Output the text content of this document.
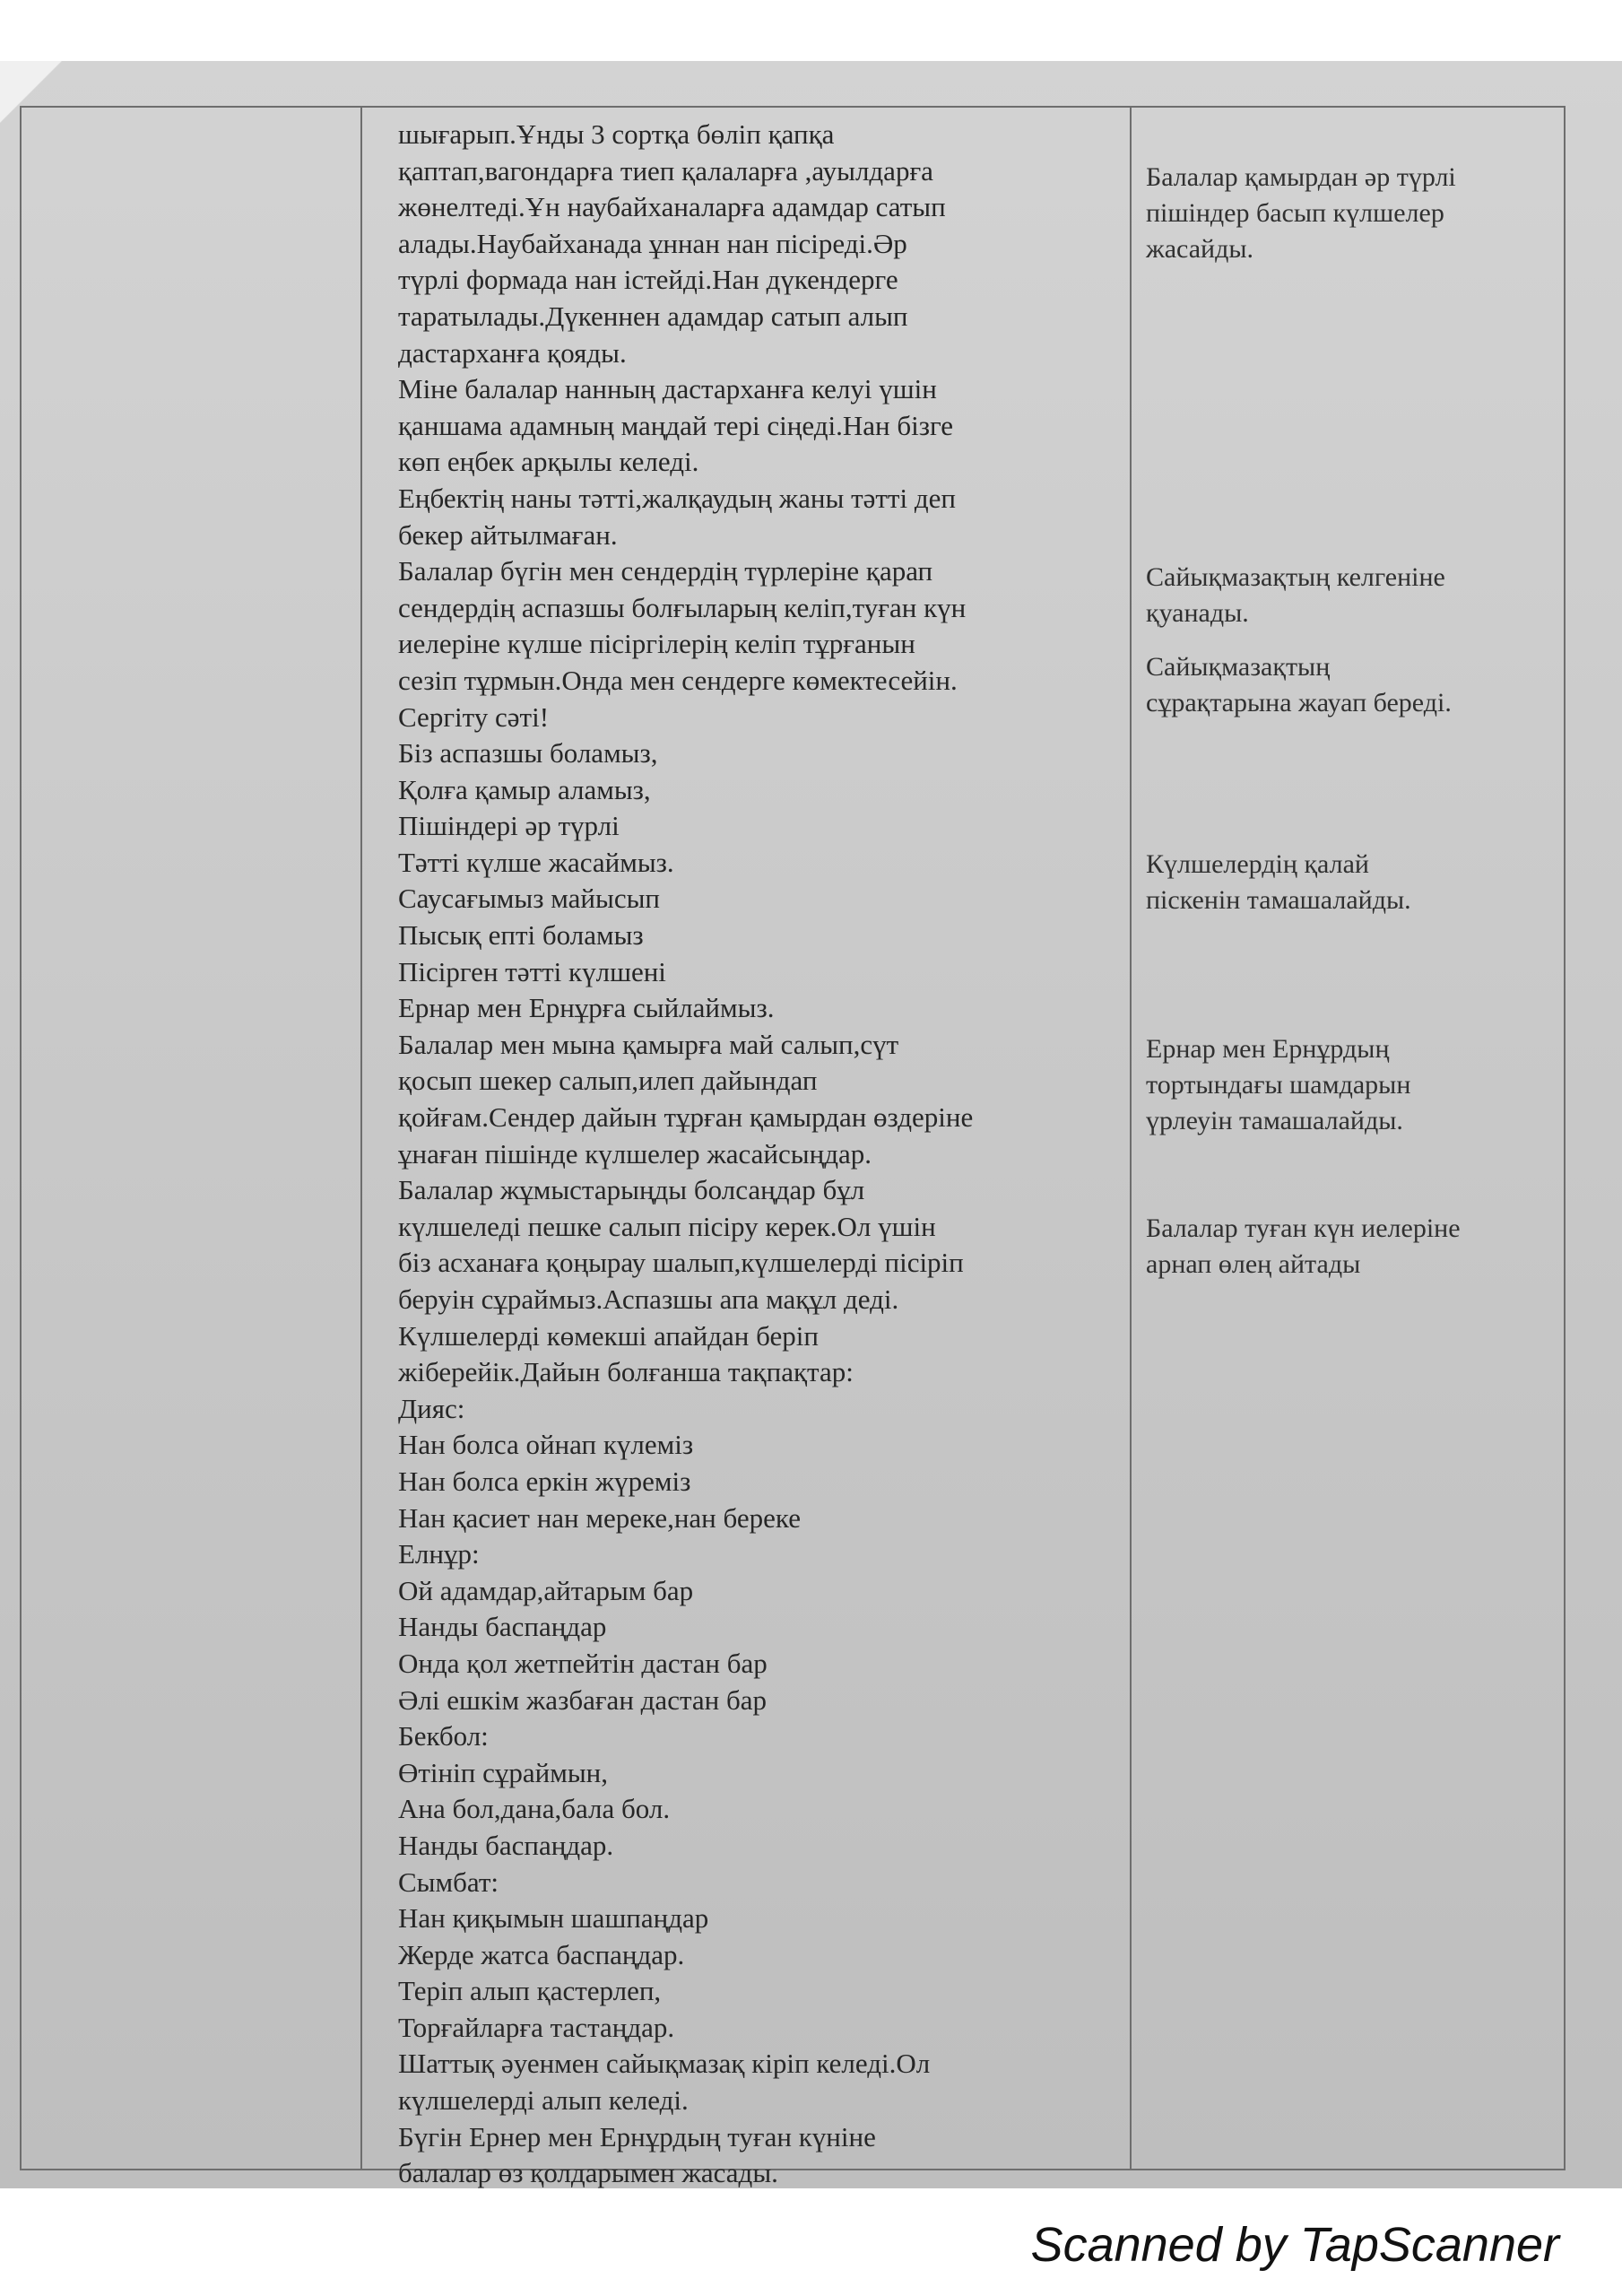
шығарып.Ұнды 3 сортқа бөліп қапқа
қаптап,вагондарға тиеп қалаларға ,ауылдарға
жөнелтеді.Ұн наубайханаларға адамдар сатып
алады.Наубайханада ұннан нан пісіреді.Әр
түрлі формада нан істейді.Нан дүкендерге
таратылады.Дүкеннен адамдар сатып алып
дастарханға қояды.
Міне балалар нанның дастарханға келуі үшін
қаншама адамның маңдай тері сіңеді.Нан бізге
көп еңбек арқылы келеді.
Еңбектің наны тәтті,жалқаудың жаны тәтті деп
бекер айтылмаған.
Балалар бүгін мен сендердің түрлеріне қарап
сендердің аспазшы болғыларың келіп,туған күн
иелеріне күлше пісіргілерің келіп тұрғанын
сезіп тұрмын.Онда мен сендерге көмектесейін.
Сергіту сәті!
Біз аспазшы боламыз,
Қолға қамыр аламыз,
Пішіндері әр түрлі
Тәтті күлше жасаймыз.
Саусағымыз майысып
Пысық епті боламыз
Пісірген тәтті күлшені
Ернар мен Ернұрға сыйлаймыз.
Балалар мен мына қамырға май салып,сүт
қосып шекер салып,илеп дайындап
қойғам.Сендер дайын тұрған қамырдан өздеріне
ұнаған пішінде күлшелер жасайсыңдар.
Балалар жұмыстарыңды болсаңдар бұл
күлшеледі пешке салып пісіру керек.Ол үшін
біз асханаға қоңырау шалып,күлшелерді пісіріп
беруін сұраймыз.Аспазшы апа мақұл деді.
Күлшелерді көмекші апайдан беріп
жіберейік.Дайын болғанша тақпақтар:
Дияс:
Нан болса ойнап күлеміз
Нан болса еркін жүреміз
Нан қасиет нан мереке,нан береке
Елнұр:
Ой адамдар,айтарым бар
Нанды баспаңдар
Онда қол жетпейтін дастан бар
Әлі ешкім жазбаған дастан бар
Бекбол:
Өтініп сұраймын,
Ана бол,дана,бала бол.
Нанды баспаңдар.
Сымбат:
Нан қиқымын шашпаңдар
Жерде жатса баспаңдар.
Теріп алып қастерлеп,
Торғайларға тастаңдар.
Шаттық әуенмен сайықмазақ кіріп келеді.Ол
күлшелерді алып келеді.
Бүгін Ернер мен Ернұрдың туған күніне
балалар өз қолдарымен жасады.
Балалар қамырдан әр түрлі
пішіндер басып күлшелер
жасайды.
Сайықмазақтың келгеніне
қуанады.
Сайықмазақтың
сұрақтарына жауап береді.
Күлшелердің қалай
піскенін тамашалайды.
Ернар мен Ернұрдың
тортындағы шамдарын
үрлеуін тамашалайды.
Балалар туған күн иелеріне
арнап өлең айтады
Scanned by TapScanner
